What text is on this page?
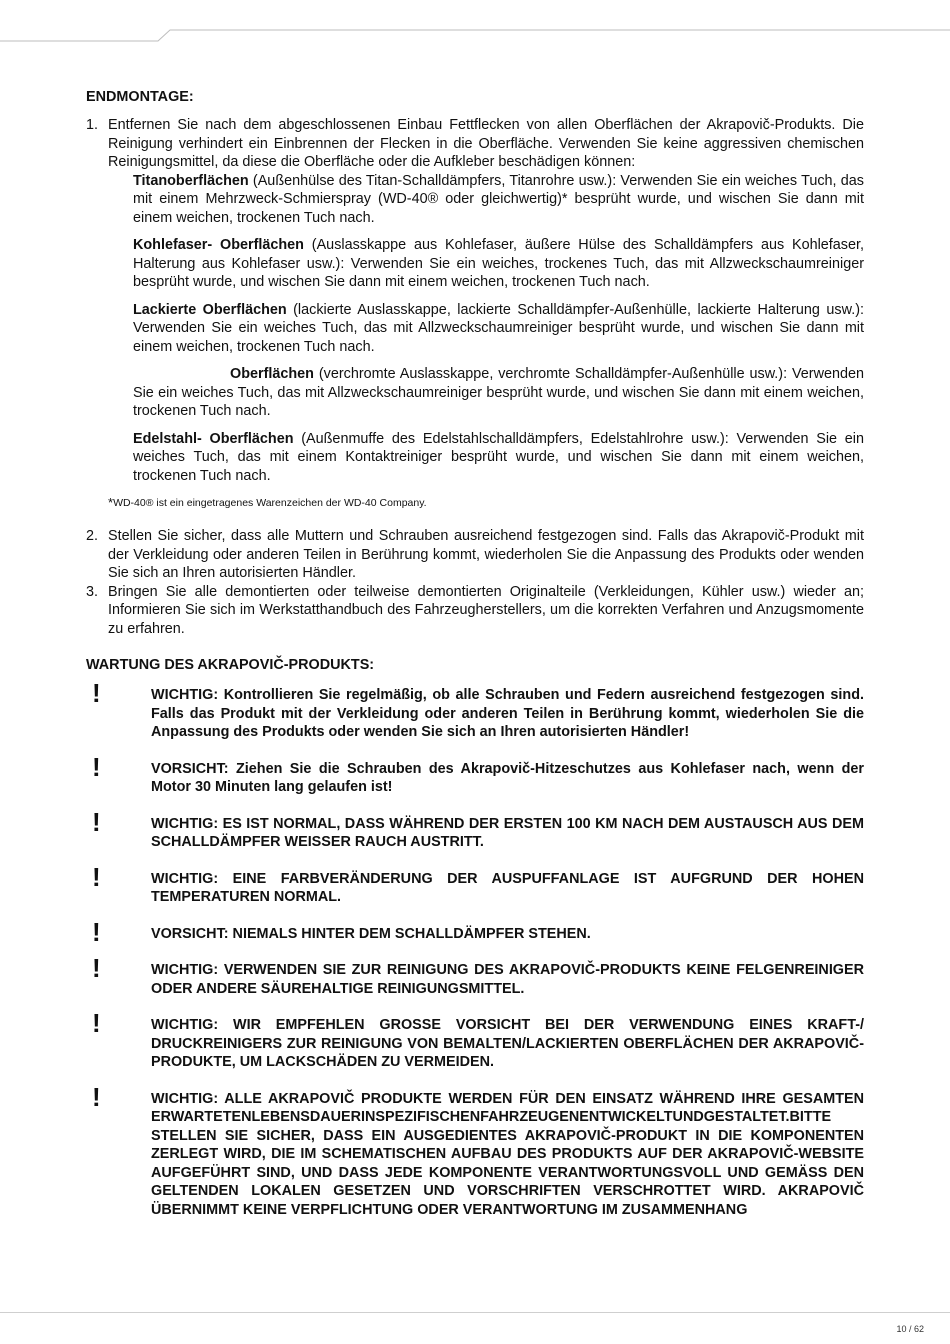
ENDMONTAGE:
1. Entfernen Sie nach dem abgeschlossenen Einbau Fettflecken von allen Oberflächen der Akrapovič-Produkts. Die Reinigung verhindert ein Einbrennen der Flecken in die Oberfläche. Verwenden Sie keine aggressiven chemischen Reinigungsmittel, da diese die Oberfläche oder die Aufkleber beschädigen können:

Titanoberflächen (Außenhülse des Titan-Schalldämpfers, Titanrohre usw.): Verwenden Sie ein weiches Tuch, das mit einem Mehrzweck-Schmierspray (WD-40® oder gleichwertig)* besprüht wurde, und wischen Sie dann mit einem weichen, trockenen Tuch nach.

Kohlefaser- Oberflächen (Auslasskappe aus Kohlefaser, äußere Hülse des Schalldämpfers aus Kohlefaser, Halterung aus Kohlefaser usw.): Verwenden Sie ein weiches, trockenes Tuch, das mit Allzweckschaumreiniger besprüht wurde, und wischen Sie dann mit einem weichen, trockenen Tuch nach.

Lackierte Oberflächen (lackierte Auslasskappe, lackierte Schalldämpfer-Außenhülle, lackierte Halterung usw.): Verwenden Sie ein weiches Tuch, das mit Allzweckschaumreiniger besprüht wurde, und wischen Sie dann mit einem weichen, trockenen Tuch nach.

Oberflächen (verchromte Auslasskappe, verchromte Schalldämpfer-Außenhülle usw.): Verwenden Sie ein weiches Tuch, das mit Allzweckschaumreiniger besprüht wurde, und wischen Sie dann mit einem weichen, trockenen Tuch nach.

Edelstahl- Oberflächen (Außenmuffe des Edelstahlschalldämpfers, Edelstahlrohre usw.): Verwenden Sie ein weiches Tuch, das mit einem Kontaktreiniger besprüht wurde, und wischen Sie dann mit einem weichen, trockenen Tuch nach.

*WD-40® ist ein eingetragenes Warenzeichen der WD-40 Company.

2. Stellen Sie sicher, dass alle Muttern und Schrauben ausreichend festgezogen sind. Falls das Akrapovič-Produkt mit der Verkleidung oder anderen Teilen in Berührung kommt, wiederholen Sie die Anpassung des Produkts oder wenden Sie sich an Ihren autorisierten Händler.
3. Bringen Sie alle demontierten oder teilweise demontierten Originalteile (Verkleidungen, Kühler usw.) wieder an; Informieren Sie sich im Werkstatthandbuch des Fahrzeugherstellers, um die korrekten Verfahren und Anzugsmomente zu erfahren.
WARTUNG DES AKRAPOVIČ-PRODUKTS:
!	WICHTIG: Kontrollieren Sie regelmäßig, ob alle Schrauben und Federn ausreichend festgezogen sind. Falls das Produkt mit der Verkleidung oder anderen Teilen in Berührung kommt, wiederholen Sie die Anpassung des Produkts oder wenden Sie sich an Ihren autorisierten Händler!
!	VORSICHT: Ziehen Sie die Schrauben des Akrapovič-Hitzeschutzes aus Kohlefaser nach, wenn der Motor 30 Minuten lang gelaufen ist!
!	WICHTIG: ES IST NORMAL, DASS WÄHREND DER ERSTEN 100 KM NACH DEM AUSTAUSCH AUS DEM SCHALLDÄMPFER WEISSER RAUCH AUSTRITT.
!	WICHTIG: EINE FARBVERÄNDERUNG DER AUSPUFFANLAGE IST AUFGRUND DER HOHEN TEMPERATUREN NORMAL.
!	VORSICHT: NIEMALS HINTER DEM SCHALLDÄMPFER STEHEN.
!	WICHTIG: VERWENDEN SIE ZUR REINIGUNG DES AKRAPOVIČ-PRODUKTS KEINE FELGENREINIGER ODER ANDERE SÄUREHALTIGE REINIGUNGSMITTEL.
!	WICHTIG: WIR EMPFEHLEN GROSSE VORSICHT BEI DER VERWENDUNG EINES KRAFT-/ DRUCKREINIGERS ZUR REINIGUNG VON BEMALTEN/LACKIERTEN OBERFLÄCHEN DER AKRAPOVIČ-PRODUKTE, UM LACKSCHÄDEN ZU VERMEIDEN.
!	WICHTIG: ALLE AKRAPOVIČ PRODUKTE WERDEN FÜR DEN EINSATZ WÄHREND IHRE GESAMTEN ERWARTETENLEBENSDAUERINSPEZIFISCHENFAHRZEUGENENTWICKELTUNDGESTALTET.BITTE STELLEN SIE SICHER, DASS EIN AUSGEDIENTES AKRAPOVIČ-PRODUKT IN DIE KOMPONENTEN ZERLEGT WIRD, DIE IM SCHEMATISCHEN AUFBAU DES PRODUKTS AUF DER AKRAPOVIČ-WEBSITE AUFGEFÜHRT SIND, UND DASS JEDE KOMPONENTE VERANTWORTUNGSVOLL UND GEMÄSS DEN GELTENDEN LOKALEN GESETZEN UND VORSCHRIFTEN VERSCHROTTET WIRD. AKRAPOVIČ ÜBERNIMMT KEINE VERPFLICHTUNG ODER VERANTWORTUNG IM ZUSAMMENHANG
10 / 62
